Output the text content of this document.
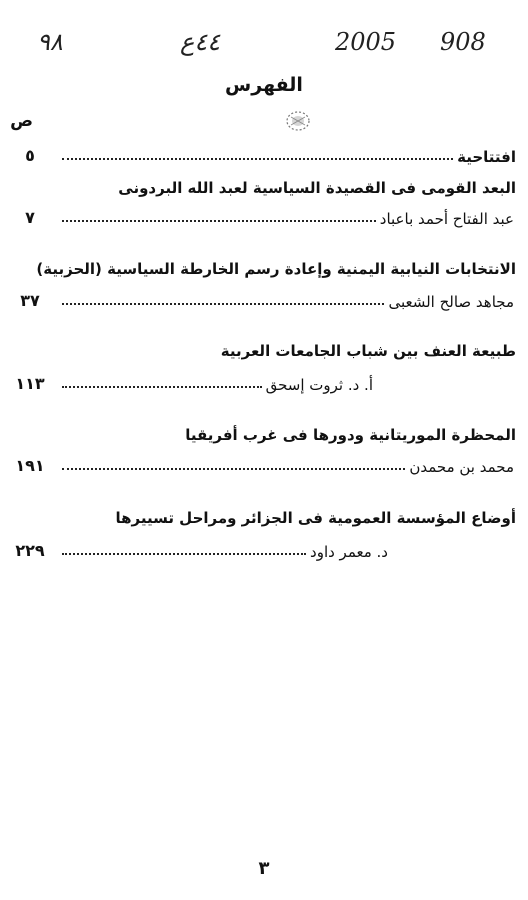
٩٨	٤٤ع	2005 908
الفهرس
ص
افتتاحية
٥
البعد القومى فى القصيدة السياسية لعبد الله البردونى
عبد الفتاح أحمد باعباد
٧
الانتخابات النيابية اليمنية وإعادة رسم الخارطة السياسية (الحزبية)
مجاهد صالح الشعبى
٣٧
طبيعة العنف بين شباب الجامعات العربية
أ. د. ثروت إسحق
١١٣
المحظرة الموريتانية ودورها فى غرب أفريقيا
محمد بن محمدن
١٩١
أوضاع المؤسسة العمومية فى الجزائر ومراحل تسييرها
د. معمر داود
٢٢٩
٣
